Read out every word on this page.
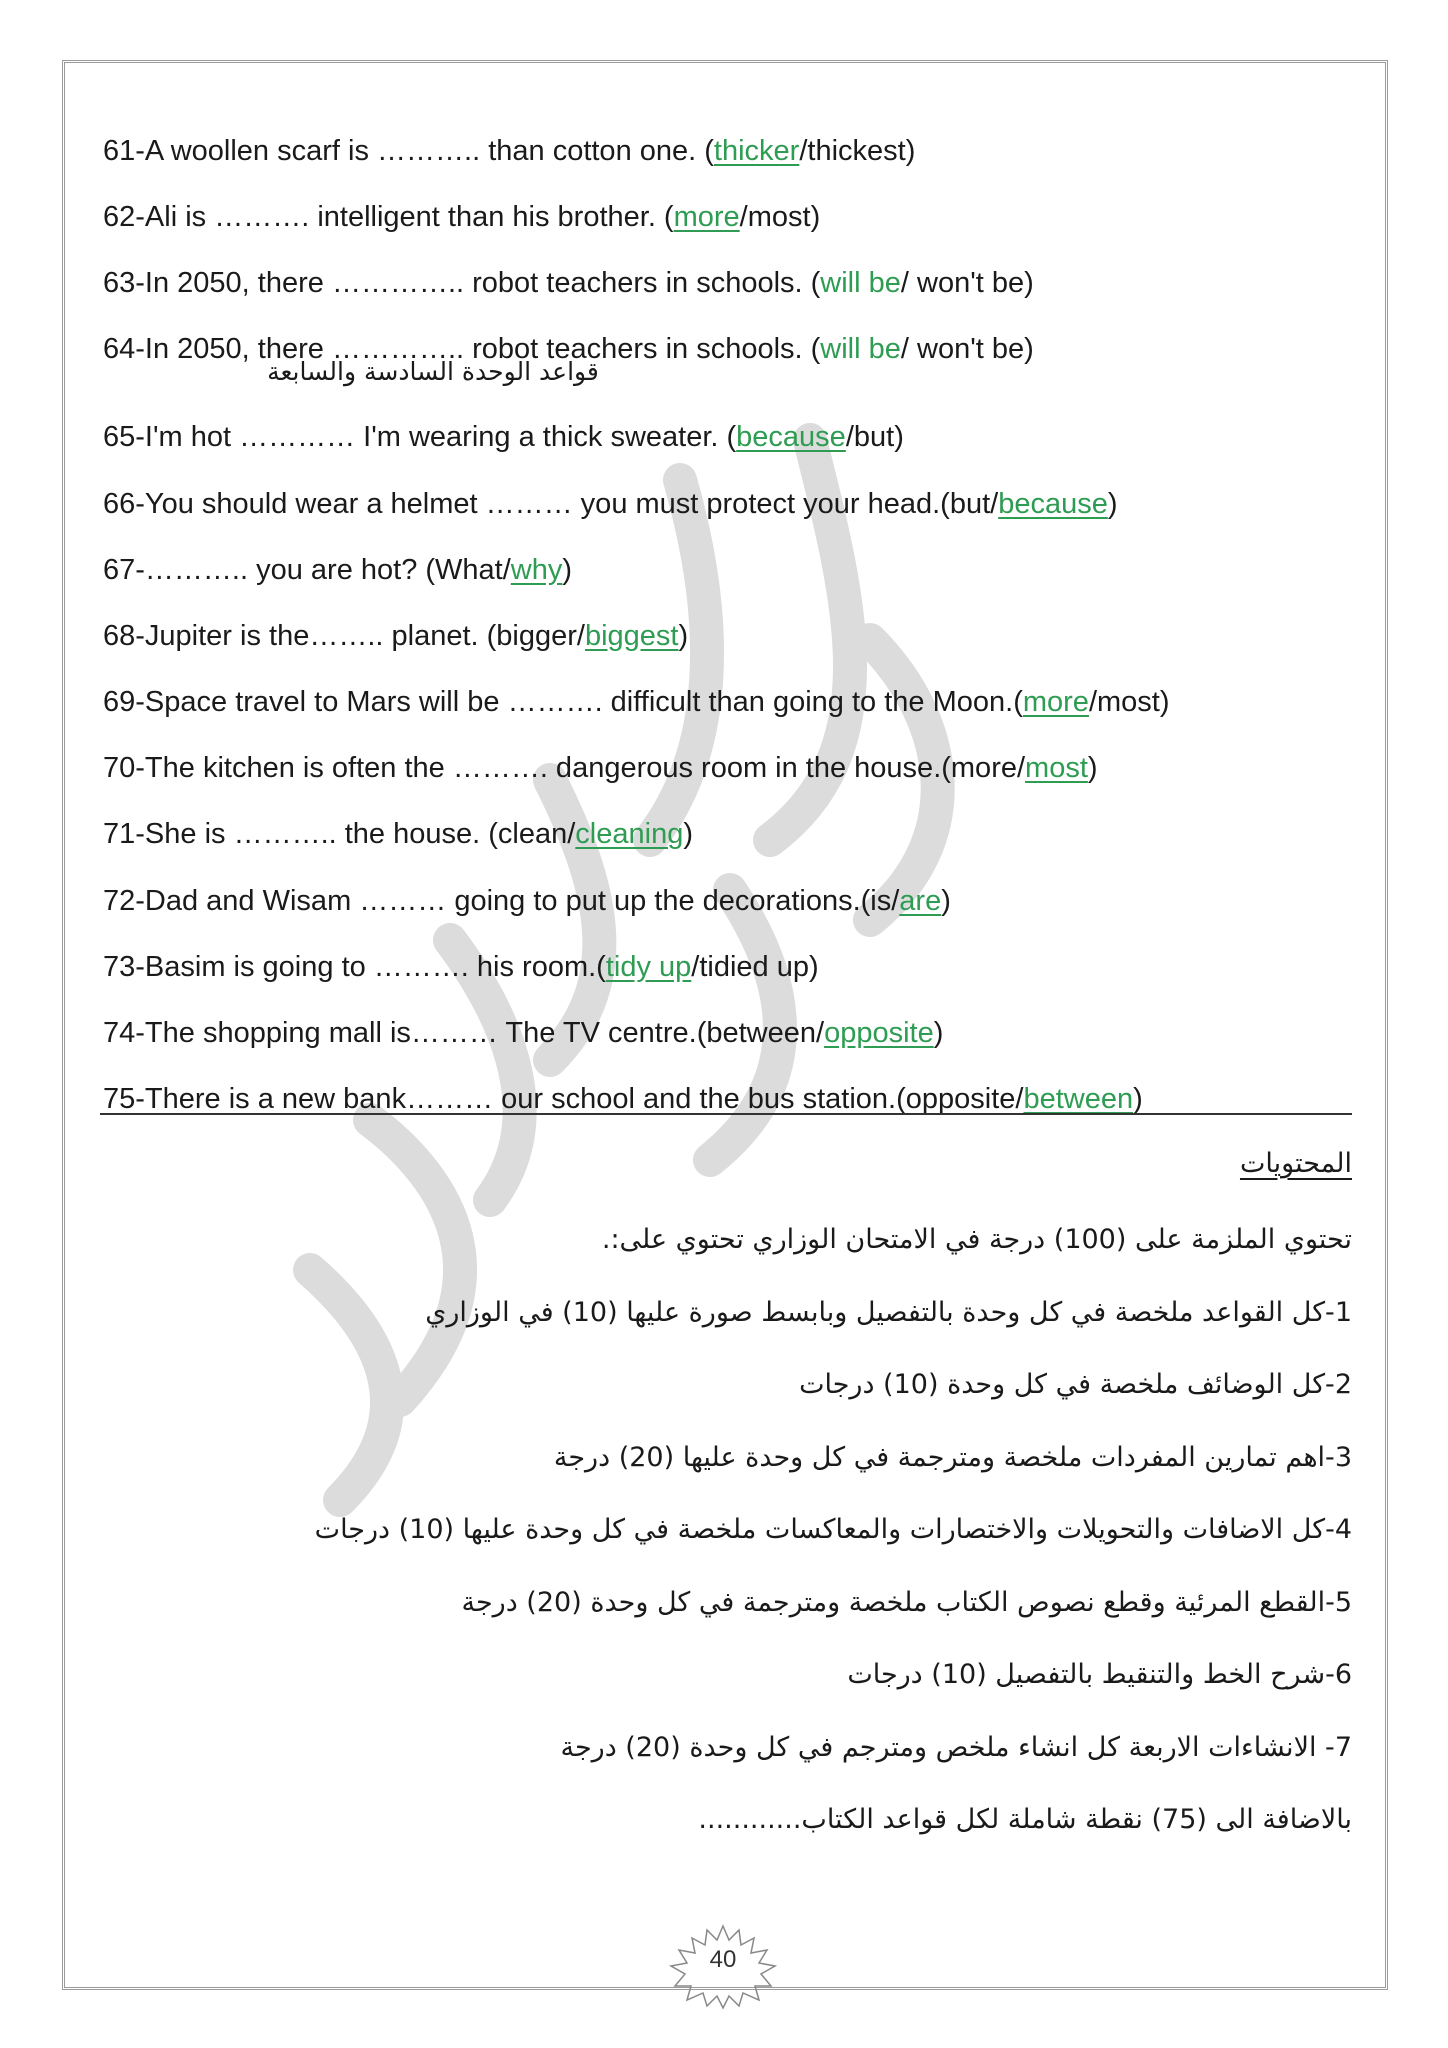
61- A woollen scarf is ……….. than cotton one. ( thicker /thickest)
62- Ali is ………. intelligent than his brother. ( more /most)
63- In 2050, there ………….. robot teachers in schools. ( will be / won't be)
64- In 2050, there ………….. robot teachers in schools. ( will be / won't be)
قواعد الوحدة السادسة والسابعة
65- I'm hot ………… I'm wearing a thick sweater. ( because /but)
66- You should wear a helmet ……… you must protect your head.(but/ because )
67- ……….. you are hot? (What/ why )
68- Jupiter is the…….. planet. (bigger/ biggest )
69- Space travel to Mars will be ………. difficult than going to the Moon.( more /most)
70- The kitchen is often the ………. dangerous room in the house.(more/ most )
71- She is ……….. the house. (clean/ cleaning )
72- Dad and Wisam ……… going to put up the decorations.(is/ are )
73- Basim is going to ………. his room.( tidy up /tidied up)
74- The shopping mall is……… The TV centre.(between/ opposite )
75- There is a new bank……… our school and the bus station.(opposite/ between )
المحتويات
تحتوي الملزمة على (100) درجة في الامتحان الوزاري تحتوي على:.
1-كل القواعد ملخصة في كل وحدة بالتفصيل وبابسط صورة عليها (10) في الوزاري
2-كل الوضائف ملخصة في كل وحدة (10) درجات
3-اهم تمارين المفردات ملخصة ومترجمة في كل وحدة عليها (20) درجة
4-كل الاضافات والتحويلات والاختصارات والمعاكسات ملخصة في كل وحدة عليها (10) درجات
5-القطع المرئية وقطع نصوص الكتاب ملخصة ومترجمة في كل وحدة (20) درجة
6-شرح الخط والتنقيط بالتفصيل (10) درجات
7- الانشاءات الاربعة كل انشاء ملخص ومترجم في كل وحدة (20) درجة
بالاضافة الى (75) نقطة شاملة لكل قواعد الكتاب............
40
